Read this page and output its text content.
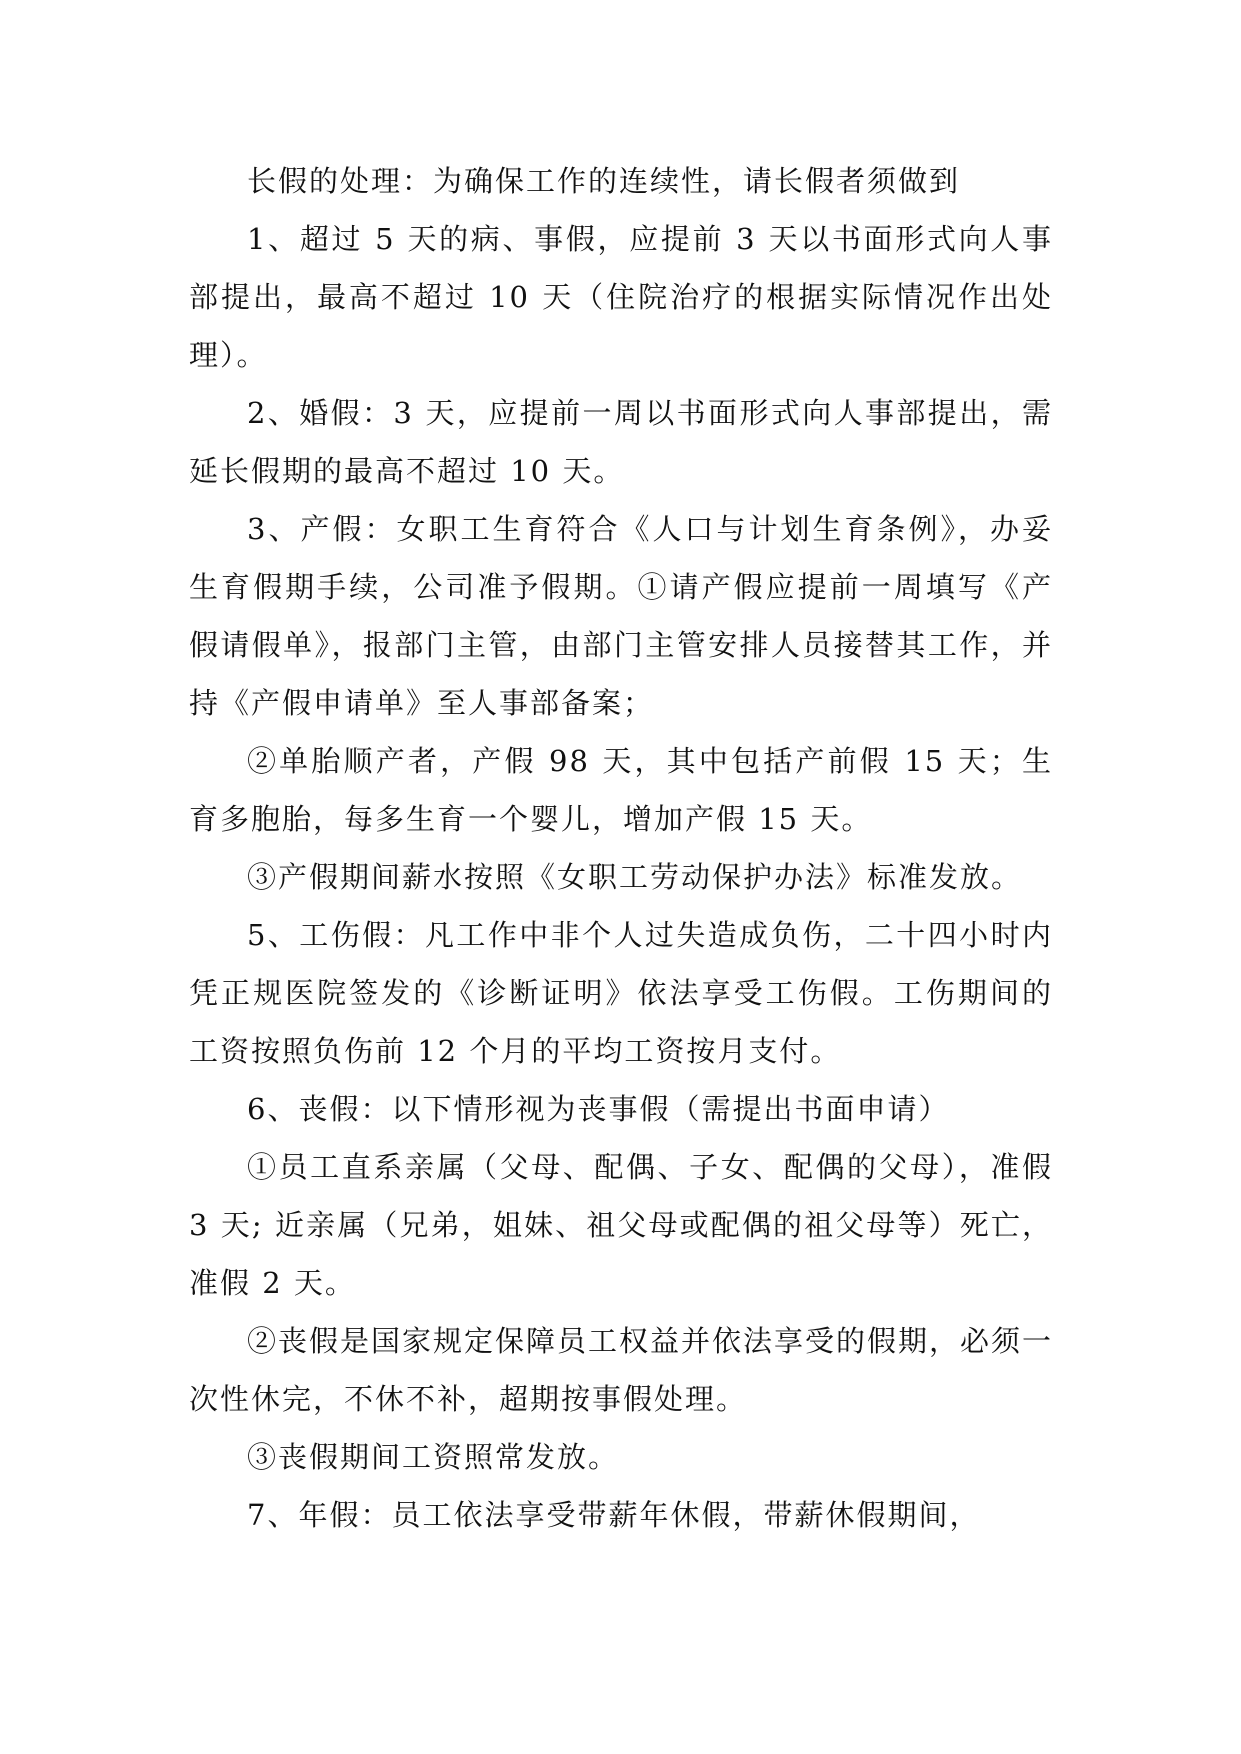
长假的处理：为确保工作的连续性，请长假者须做到

1、超过 5 天的病、事假，应提前 3 天以书面形式向人事部提出，最高不超过 10 天（住院治疗的根据实际情况作出处理）。

2、婚假：3 天，应提前一周以书面形式向人事部提出，需延长假期的最高不超过 10 天。

3、产假：女职工生育符合《人口与计划生育条例》，办妥生育假期手续，公司准予假期。①请产假应提前一周填写《产假请假单》，报部门主管，由部门主管安排人员接替其工作，并持《产假申请单》至人事部备案；

②单胎顺产者，产假 98 天，其中包括产前假 15 天；生育多胞胎，每多生育一个婴儿，增加产假 15 天。

③产假期间薪水按照《女职工劳动保护办法》标准发放。

5、工伤假：凡工作中非个人过失造成负伤，二十四小时内凭正规医院签发的《诊断证明》依法享受工伤假。工伤期间的工资按照负伤前 12 个月的平均工资按月支付。

6、丧假：以下情形视为丧事假（需提出书面申请）

①员工直系亲属（父母、配偶、子女、配偶的父母），准假 3 天; 近亲属（兄弟，姐妹、祖父母或配偶的祖父母等）死亡，准假 2 天。

②丧假是国家规定保障员工权益并依法享受的假期，必须一次性休完，不休不补，超期按事假处理。

③丧假期间工资照常发放。

7、年假：员工依法享受带薪年休假，带薪休假期间，
